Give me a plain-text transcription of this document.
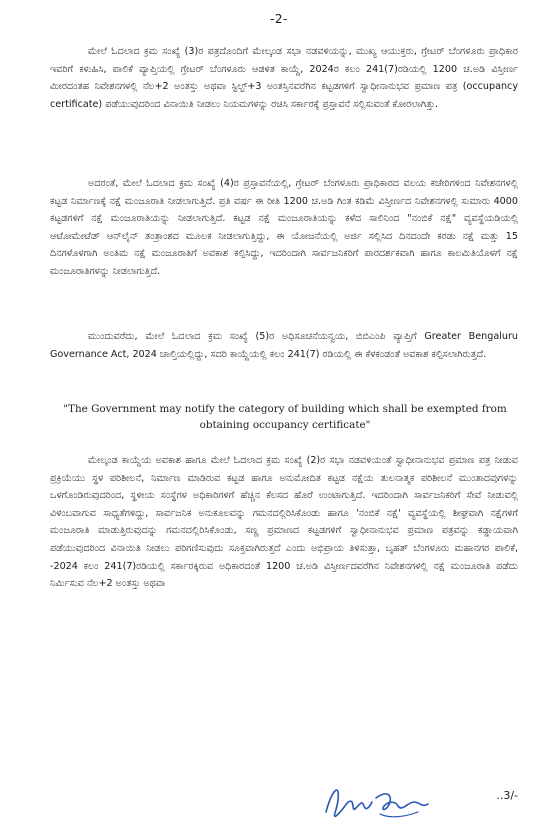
-2-

ಮೇಲೆ ಓದಲಾದ ಕ್ರಮ ಸಂಖ್ಯೆ (3)ರ ಪತ್ರದೊಂದಿಗೆ ಮೇಲ್ಕಂಡ ಸಭಾ ನಡವಳಿಯನ್ನು, ಮುಖ್ಯ ಆಯುಕ್ತರು, ಗ್ರೇಟರ್ ಬೆಂಗಳೂರು ಪ್ರಾಧಿಕಾರ ಇವರಿಗೆ ಕಳುಹಿಸಿ, ಪಾಲಿಕೆ ವ್ಯಾಪ್ತಿಯಲ್ಲಿ ಗ್ರೇಟರ್ ಬೆಂಗಳೂರು ಆಡಳಿತ ಕಾಯ್ದೆ, 2024ರ ಕಲಂ 241(7)ರಡಿಯಲ್ಲಿ 1200 ಚ.ಅಡಿ ವಿಸ್ತೀರ್ಣ ಮೀರದಂತಹ ನಿವೇಶನಗಳಲ್ಲಿ ನೆಲ+2 ಅಂತಸ್ತು ಅಥವಾ ಸ್ಟಿಲ್ಟ್+3 ಅಂತಸ್ತಿನವರೆಗಿನ ಕಟ್ಟಡಗಳಿಗೆ ಸ್ವಾಧೀನಾನುಭವ ಪ್ರಮಾಣ ಪತ್ರ (occupancy certificate) ಪಡೆಯುವುದರಿಂದ ವಿನಾಯಿತಿ ನೀಡಲು ನಿಯಮಗಳನ್ನು ರಚಿಸಿ ಸರ್ಕಾರಕ್ಕೆ ಪ್ರಸ್ತಾವನೆ ಸಲ್ಲಿಸುವಂತೆ ಕೋರಲಾಗಿತ್ತು.

ಅದರಂತೆ, ಮೇಲೆ ಓದಲಾದ ಕ್ರಮ ಸಂಖ್ಯೆ (4)ರ ಪ್ರಸ್ತಾವನೆಯಲ್ಲಿ, ಗ್ರೇಟರ್ ಬೆಂಗಳೂರು ಪ್ರಾಧಿಕಾರದ ವಲಯ ಕಚೇರಿಗಳಿಂದ ನಿವೇಶನಗಳಲ್ಲಿ ಕಟ್ಟಡ ನಿರ್ಮಾಣಕ್ಕೆ ನಕ್ಷೆ ಮಂಜೂರಾತಿ ನೀಡಲಾಗುತ್ತಿದೆ. ಪ್ರತಿ ವರ್ಷ ಈ ರೀತಿ 1200 ಚ.ಅಡಿ ಗಿಂತ ಕಡಿಮೆ ವಿಸ್ತೀರ್ಣದ ನಿವೇಶನಗಳಲ್ಲಿ ಸುಮಾರು 4000 ಕಟ್ಟಡಗಳಿಗೆ ನಕ್ಷೆ ಮಂಜೂರಾತಿಯನ್ನು ನೀಡಲಾಗುತ್ತಿದೆ. ಕಟ್ಟಡ ನಕ್ಷೆ ಮಂಜೂರಾತಿಯನ್ನು ಕಳೆದ ಸಾಲಿನಿಂದ "ನಂಬಿಕೆ ನಕ್ಷೆ" ವ್ಯವಸ್ಥೆಯಡಿಯಲ್ಲಿ ಆಟೋಮೇಟೆಡ್ ಆನ್‌ಲೈನ್ ತಂತ್ರಾಂಶದ ಮೂಲಕ ನೀಡಲಾಗುತ್ತಿದ್ದು, ಈ ಯೋಜನೆಯಲ್ಲಿ ಅರ್ಜಿ ಸಲ್ಲಿಸಿದ ದಿನದಂದೇ ಕರಡು ನಕ್ಷೆ ಮತ್ತು 15 ದಿನಗಳೊಳಗಾಗಿ ಅಂತಿಮ ನಕ್ಷೆ ಮಂಜೂರಾತಿಗೆ ಅವಕಾಶ ಕಲ್ಪಿಸಿದ್ದು, ಇದರಿಂದಾಗಿ ಸಾರ್ವಜನಿಕರಿಗೆ ಪಾರದರ್ಶಕವಾಗಿ ಹಾಗೂ ಕಾಲಮಿತಿಯೊಳಗೆ ನಕ್ಷೆ ಮಂಜೂರಾತಿಗಳನ್ನು ನೀಡಲಾಗುತ್ತಿದೆ.

ಮುಂದುವರೆದು, ಮೇಲೆ ಓದಲಾದ ಕ್ರಮ ಸಂಖ್ಯೆ (5)ರ ಅಧಿಸೂಚನೆಯನ್ವಯ, ಬಿಬಿಎಂಪಿ ವ್ಯಾಪ್ತಿಗೆ Greater Bengaluru Governance Act, 2024 ಚಾಲ್ತಿಯಲ್ಲಿದ್ದು, ಸದರಿ ಕಾಯ್ದೆಯಲ್ಲಿ ಕಲಂ 241(7) ರಡಿಯಲ್ಲಿ ಈ ಕೆಳಕಂಡಂತೆ ಅವಕಾಶ ಕಲ್ಪಿಸಲಾಗಿರುತ್ತದೆ.

"The Government may notify the category of building which shall be exempted from obtaining occupancy certificate"

ಮೇಲ್ಕಂಡ ಕಾಯ್ದೆಯ ಅವಕಾಶ ಹಾಗೂ ಮೇಲೆ ಓದಲಾದ ಕ್ರಮ ಸಂಖ್ಯೆ (2)ರ ಸಭಾ ನಡವಳಿಯಂತೆ ಸ್ವಾಧೀನಾನುಭವ ಪ್ರಮಾಣ ಪತ್ರ ನೀಡುವ ಪ್ರಕ್ರಿಯೆಯು ಸ್ಥಳ ಪರಿಶೀಲನೆ, ನಿರ್ಮಾಣ ಮಾಡಿರುವ ಕಟ್ಟಡ ಹಾಗೂ ಅನುಮೋದಿತ ಕಟ್ಟಡ ನಕ್ಷೆಯ ತುಲನಾತ್ಮಕ ಪರಿಶೀಲನೆ ಮುಂತಾದವುಗಳನ್ನು ಒಳಗೊಂಡಿರುವುದರಿಂದ, ಸ್ಥಳೀಯ ಸಂಸ್ಥೆಗಳ ಅಧಿಕಾರಿಗಳಿಗೆ ಹೆಚ್ಚಿನ ಕೆಲಸದ ಹೊರೆ ಉಂಟಾಗುತ್ತಿದೆ. ಇದರಿಂದಾಗಿ ಸಾರ್ವಜನಿಕರಿಗೆ ಸೇವೆ ನೀಡುವಲ್ಲಿ ವಿಳಂಬವಾಗುವ ಸಾಧ್ಯತೆಗಳಿದ್ದು, ಸಾರ್ವಜನಿಕ ಅನುಕೂಲವನ್ನು ಗಮನದಲ್ಲಿರಿಸಿಕೊಂಡು ಹಾಗೂ 'ನಂಬಿಕೆ ನಕ್ಷೆ' ವ್ಯವಸ್ಥೆಯಲ್ಲಿ ಶೀಘ್ರವಾಗಿ ನಕ್ಷೆಗಳಿಗೆ ಮಂಜೂರಾತಿ ಮಾಡುತ್ತಿರುವುದನ್ನು ಗಮನದಲ್ಲಿರಿಸಿಕೊಂಡು, ಸಣ್ಣ ಪ್ರಮಾಣದ ಕಟ್ಟಡಗಳಿಗೆ ಸ್ವಾಧೀನಾನುಭವ ಪ್ರಮಾಣ ಪತ್ರವನ್ನು ಕಡ್ಡಾಯವಾಗಿ ಪಡೆಯುವುದರಿಂದ ವಿನಾಯಿತಿ ನೀಡಲು ಪರಿಗಣಿಸುವುದು ಸೂಕ್ತವಾಗಿರುತ್ತದೆ ಎಂದು ಅಭಿಪ್ರಾಯ ತಿಳಿಸುತ್ತಾ, ಬೃಹತ್ ಬೆಂಗಳೂರು ಮಹಾನಗರ ಪಾಲಿಕೆ, -2024 ಕಲಂ 241(7)ರಡಿಯಲ್ಲಿ ಸರ್ಕಾರಕ್ಕಿರುವ ಅಧಿಕಾರದಂತೆ 1200 ಚ.ಅಡಿ ವಿಸ್ತೀರ್ಣದವರೆಗಿನ ನಿವೇಶನಗಳಲ್ಲಿ ನಕ್ಷೆ ಮಂಜೂರಾತಿ ಪಡೆದು ನಿರ್ಮಿಸುವ ನೆಲ+2 ಅಂತಸ್ತು ಅಥವಾ

..3/-
